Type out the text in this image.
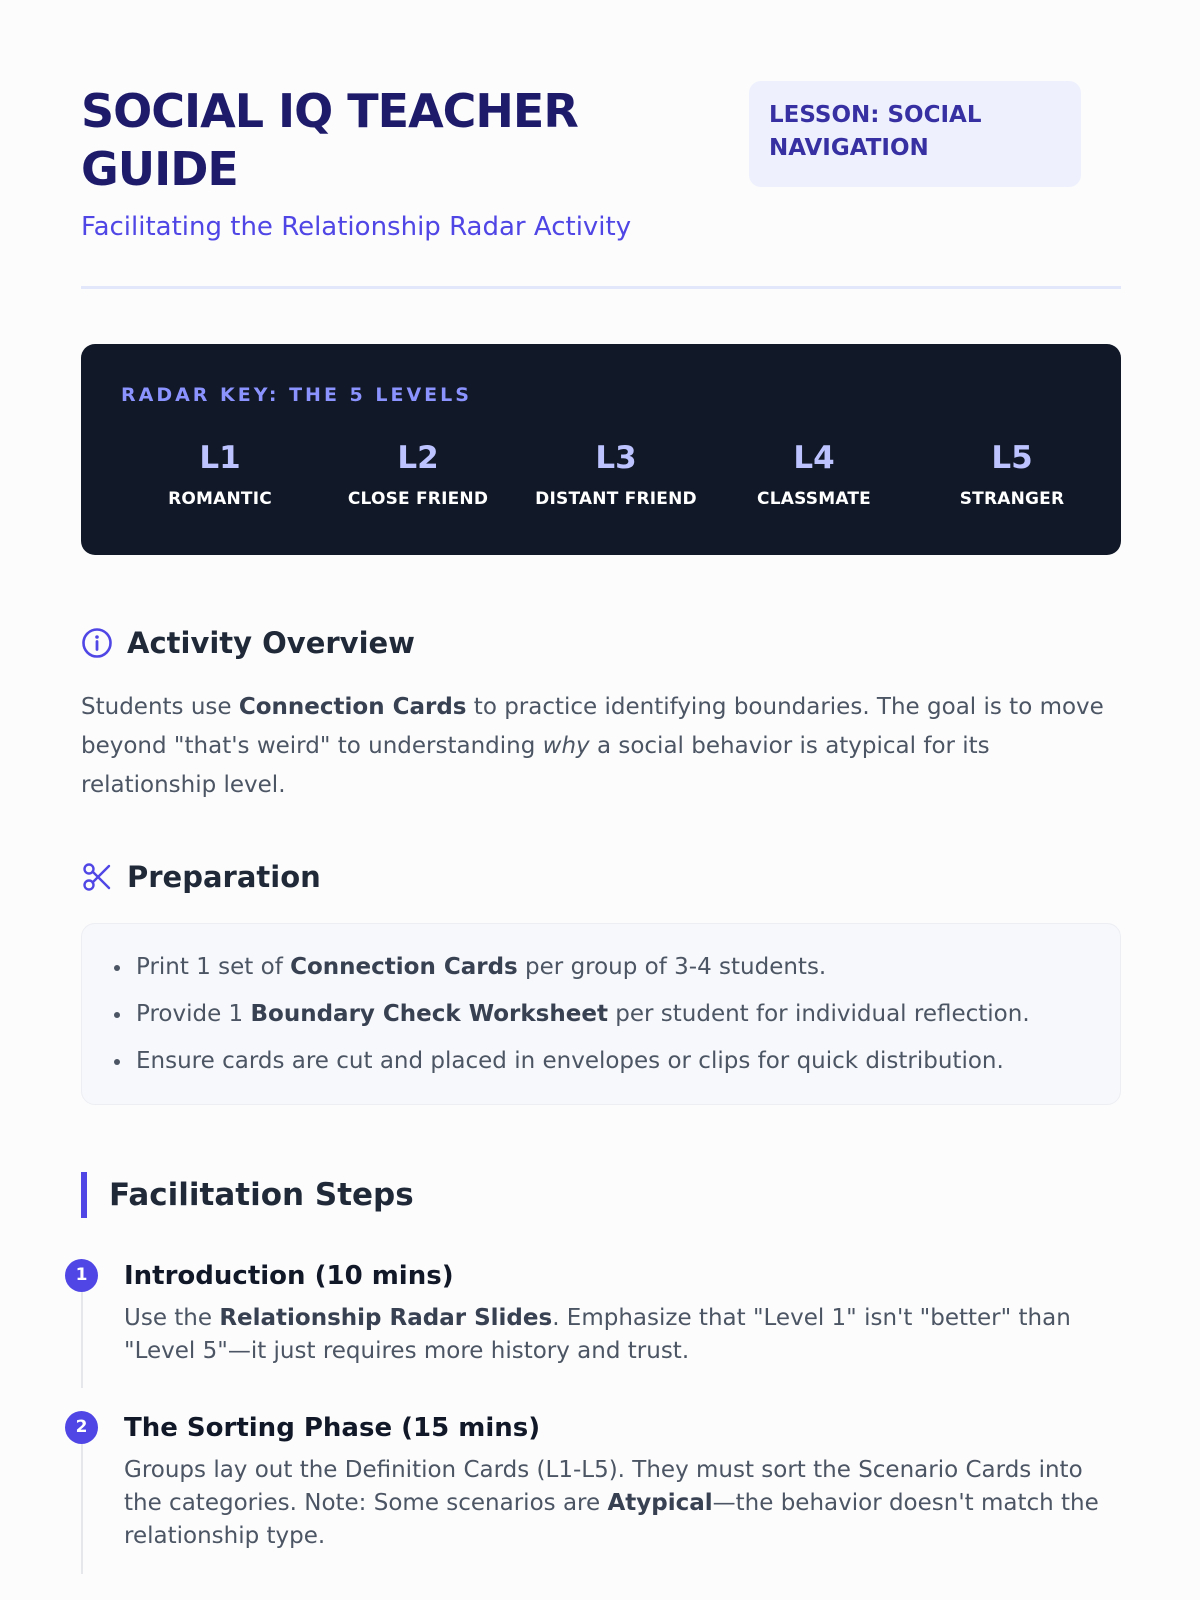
SOCIAL IQ TEACHER GUIDE

Facilitating the Relationship Radar Activity

LESSON: SOCIAL NAVIGATION
RADAR KEY: THE 5 LEVELS
L1
ROMANTIC
L2
CLOSE FRIEND
L3
DISTANT FRIEND
L4
CLASSMATE
L5
STRANGER
Activity Overview

Students use Connection Cards to practice identifying boundaries. The goal is to move beyond "that's weird" to understanding why a social behavior is atypical for its relationship level.

Preparation
Print 1 set of Connection Cards per group of 3-4 students.
Provide 1 Boundary Check Worksheet per student for individual reflection.
Ensure cards are cut and placed in envelopes or clips for quick distribution.
Facilitation Steps
1	Introduction (10 mins)
Use the Relationship Radar Slides. Emphasize that "Level 1" isn't "better" than "Level 5"—it just requires more history and trust.
2	The Sorting Phase (15 mins)
Groups lay out the Definition Cards (L1-L5). They must sort the Scenario Cards into the categories. Note: Some scenarios are Atypical—the behavior doesn't match the relationship type.
